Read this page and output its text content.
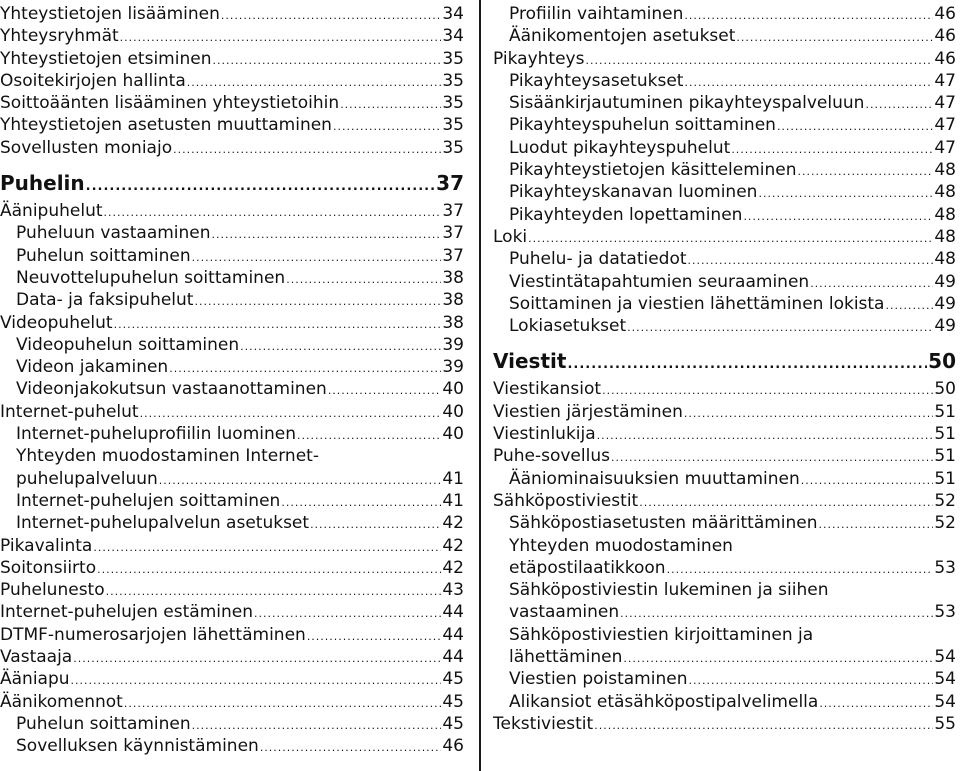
Yhteystietojen lisääminen .....	34
Yhteysryhmät .....	34
Yhteystietojen etsiminen .....	35
Osoitekirjojen hallinta .....	35
Soittoäänten lisääminen yhteystietoihin .....	35
Yhteystietojen asetusten muuttaminen .....	35
Sovellusten moniajo .....	35
Puhelin .....	37
Äänipuhelut .....	37
Puheluun vastaaminen .....	37
Puhelun soittaminen .....	37
Neuvottelupuhelun soittaminen .....	38
Data- ja faksipuhelut .....	38
Videopuhelut .....	38
Videopuhelun soittaminen .....	39
Videon jakaminen .....	39
Videonjakokutsun vastaanottaminen .....	40
Internet-puhelut .....	40
Internet-puheluprofiilin luominen .....	40
Yhteyden muodostaminen Internet-
puhelupalveluun .....	41
Internet-puhelujen soittaminen .....	41
Internet-puhelupalvelun asetukset .....	42
Pikavalinta .....	42
Soitonsiirto .....	42
Puhelunesto .....	43
Internet-puhelujen estäminen .....	44
DTMF-numerosarjojen lähettäminen .....	44
Vastaaja .....	44
Ääniapu .....	45
Äänikomennot .....	45
Puhelun soittaminen .....	45
Sovelluksen käynnistäminen .....	46
Profiilin vaihtaminen .....	46
Äänikomentojen asetukset .....	46
Pikayhteys .....	46
Pikayhteysasetukset .....	47
Sisäänkirjautuminen pikayhteyspalveluun .....	47
Pikayhteyspuhelun soittaminen .....	47
Luodut pikayhteyspuhelut .....	47
Pikayhteystietojen käsitteleminen .....	48
Pikayhteyskanavan luominen .....	48
Pikayhteyden lopettaminen .....	48
Loki .....	48
Puhelu- ja datatiedot .....	48
Viestintätapahtumien seuraaminen .....	49
Soittaminen ja viestien lähettäminen lokista .....	49
Lokiasetukset .....	49
Viestit .....	50
Viestikansiot .....	50
Viestien järjestäminen .....	51
Viestinlukija .....	51
Puhe-sovellus .....	51
Ääniominaisuuksien muuttaminen .....	51
Sähköpostiviestit .....	52
Sähköpostiasetusten määrittäminen .....	52
Yhteyden muodostaminen
etäpostilaatikkoon .....	53
Sähköpostiviestin lukeminen ja siihen
vastaaminen .....	53
Sähköpostiviestien kirjoittaminen ja
lähettäminen .....	54
Viestien poistaminen .....	54
Alikansiot etäsähköpostipalvelimella .....	54
Tekstiviestit .....	55
